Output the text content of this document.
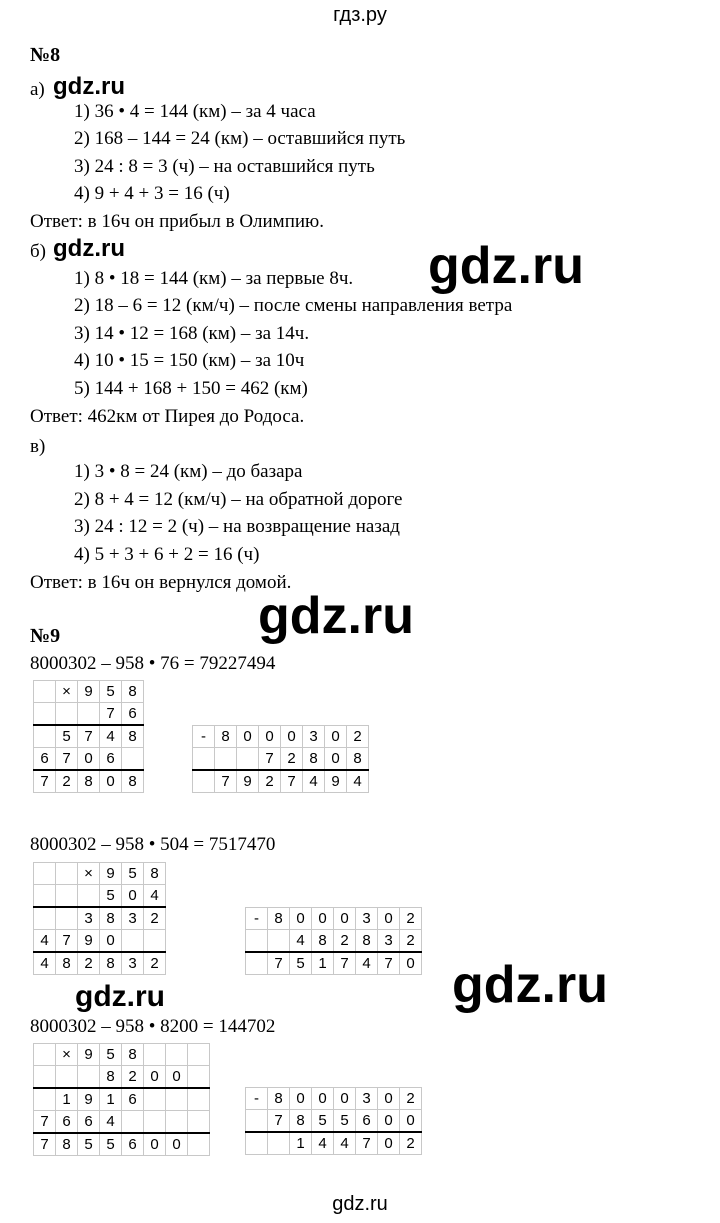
гдз.ру
№8
а) gdz.ru
1) 36 • 4 = 144 (км) – за 4 часа
2) 168 – 144 = 24 (км) – оставшийся путь
3) 24 : 8 = 3 (ч) – на оставшийся путь
4) 9 + 4 + 3 = 16 (ч)
Ответ: в 16ч он прибыл в Олимпию.
б) gdz.ru
1) 8 • 18 = 144 (км) – за первые 8ч. gdz.ru
2) 18 – 6 = 12 (км/ч) – после смены направления ветра
3) 14 • 12 = 168 (км) – за 14ч.
4) 10 • 15 = 150 (км) – за 10ч
5) 144 + 168 + 150 = 462 (км)
Ответ: 462км от Пирея до Родоса.
в)
1) 3 • 8 = 24 (км) – до базара
2) 8 + 4 = 12 (км/ч) – на обратной дороге
3) 24 : 12 = 2 (ч) – на возвращение назад
4) 5 + 3 + 6 + 2 = 16 (ч)
Ответ: в 16ч он вернулся домой.
gdz.ru
№9
8000302 – 958 • 76 = 79227494
	×	9	5	8
			7	6
	5	7	4	8
6	7	0	6	
7	2	8	0	8
-	8	0	0	0	3	0	2
			7	2	8	0	8
	7	9	2	7	4	9	4
8000302 – 958 • 504 = 7517470
		×	9	5	8
			5	0	4
		3	8	3	2
4	7	9	0		
4	8	2	8	3	2
-	8	0	0	0	3	0	2
		4	8	2	8	3	2
	7	5	1	7	4	7	0
gdz.ru	gdz.ru
8000302 – 958 • 8200 = 144702
	×	9	5	8			
			8	2	0	0	
	1	9	1	6			
7	6	6	4				
7	8	5	5	6	0	0	
-	8	0	0	0	3	0	2
	7	8	5	5	6	0	0
		1	4	4	7	0	2
gdz.ru
